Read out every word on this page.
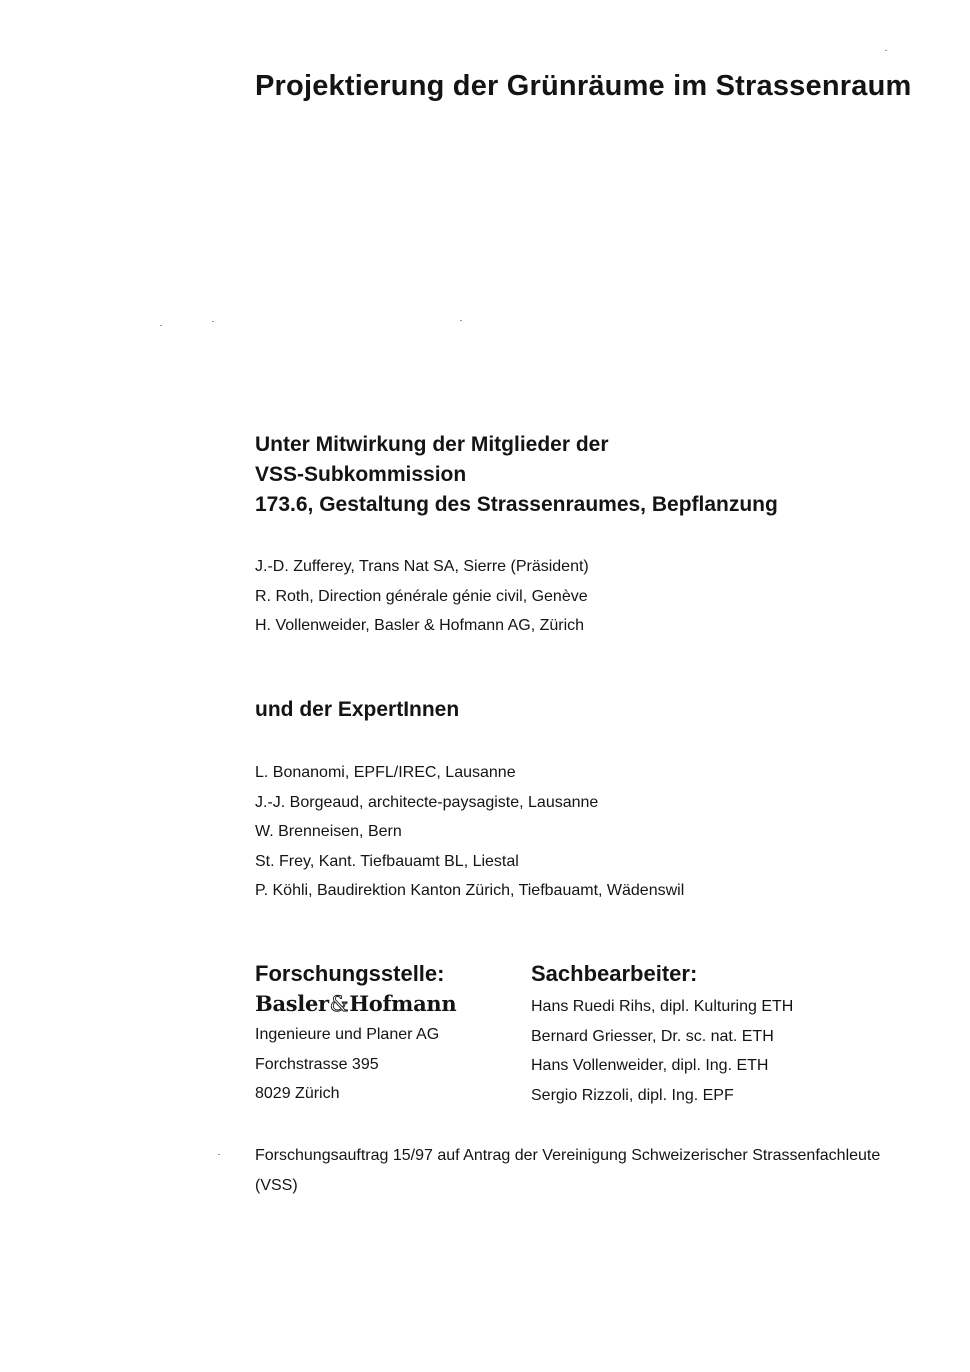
Projektierung der Grünräume im Strassenraum
Unter Mitwirkung der Mitglieder der
VSS-Subkommission
173.6, Gestaltung des Strassenraumes, Bepflanzung
J.-D. Zufferey, Trans Nat SA, Sierre (Präsident)
R. Roth, Direction générale génie civil, Genève
H. Vollenweider, Basler & Hofmann AG, Zürich
und der ExpertInnen
L. Bonanomi, EPFL/IREC, Lausanne
J.-J. Borgeaud, architecte-paysagiste, Lausanne
W. Brenneisen, Bern
St. Frey, Kant. Tiefbauamt BL, Liestal
P. Köhli, Baudirektion Kanton Zürich, Tiefbauamt, Wädenswil
Forschungsstelle:
Basler&Hofmann
Ingenieure und Planer AG
Forchstrasse 395
8029 Zürich
Sachbearbeiter:
Hans Ruedi Rihs, dipl. Kulturing ETH
Bernard Griesser, Dr. sc. nat. ETH
Hans Vollenweider, dipl. Ing. ETH
Sergio Rizzoli, dipl. Ing. EPF
Forschungsauftrag 15/97 auf Antrag der Vereinigung Schweizerischer Strassenfachleute (VSS)
